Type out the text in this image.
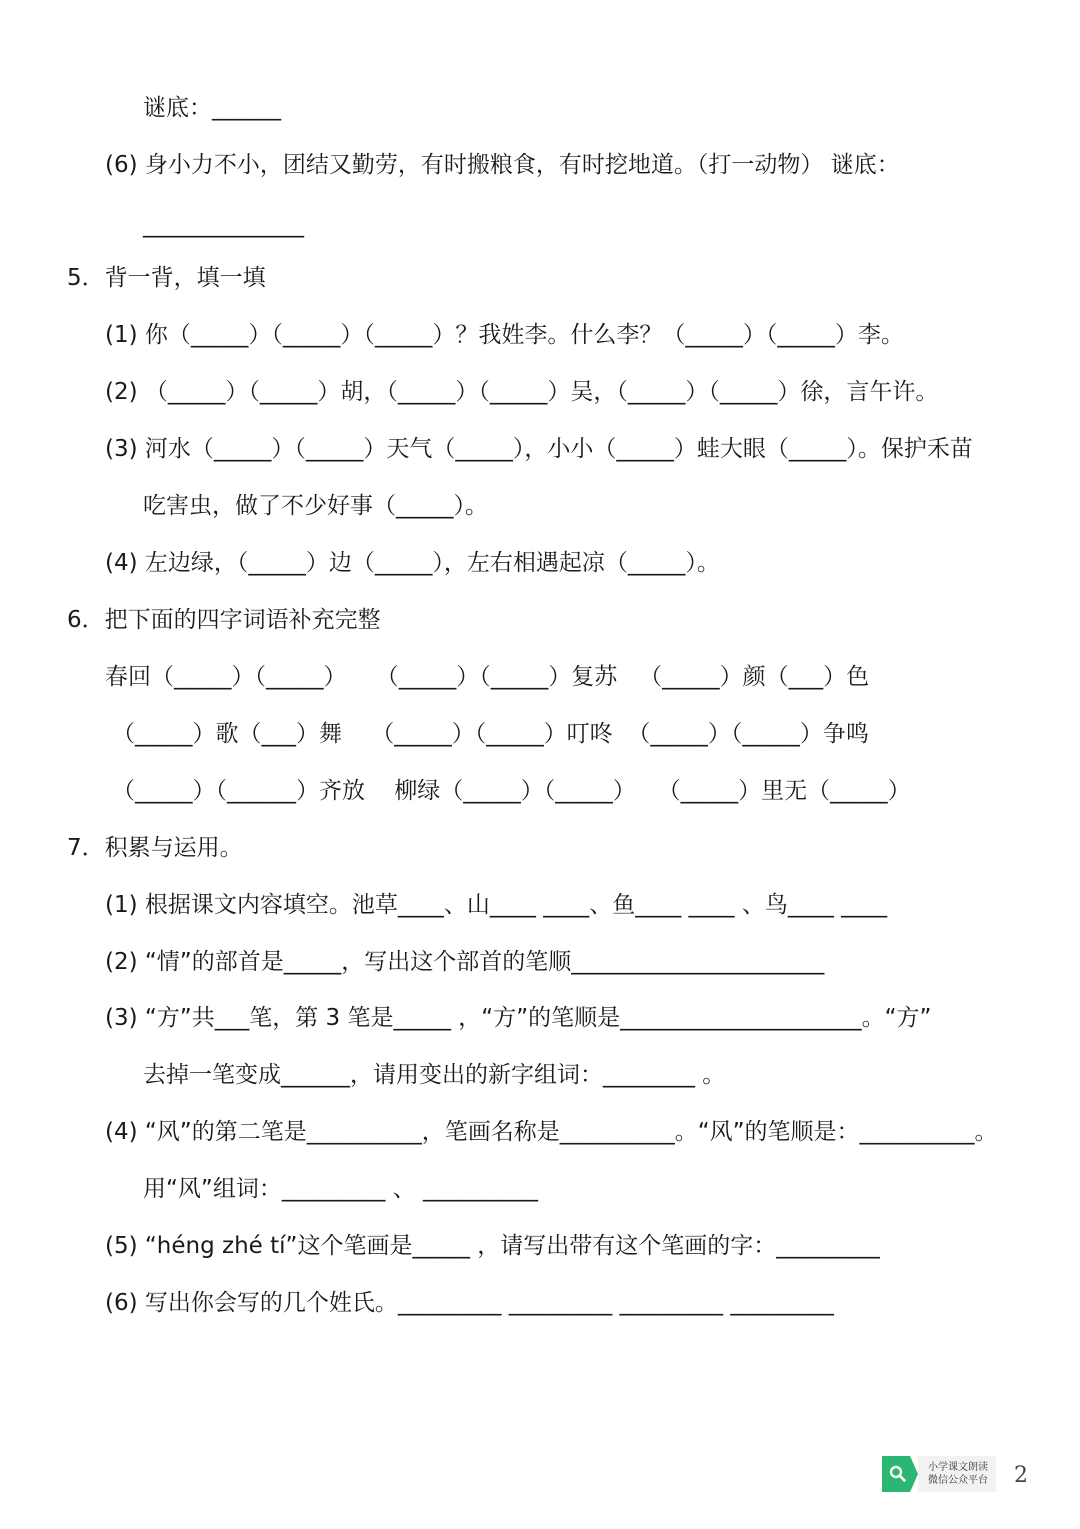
谜底：______
(6) 身小力不小，团结又勤劳，有时搬粮食，有时挖地道。（打一动物） 谜底：
______________
5．背一背，填一填
(1) 你（_____）（_____）（_____）？我姓李。什么李？（_____）（_____）李。
(2) （_____）（_____）胡，（_____）（_____）吴，（_____）（_____）徐，言午许。
(3) 河水（_____）（_____）天气（_____），小小（_____）蛙大眼（_____）。保护禾苗
吃害虫，做了不少好事（_____）。
(4) 左边绿，（_____）边（_____），左右相遇起凉（_____）。
6．把下面的四字词语补充完整
春回（_____）（_____）    （_____）（_____）复苏   （_____）颜（___）色
（_____）歌（___）舞    （_____）（_____）叮咚  （_____）（_____）争鸣
（_____）（______）齐放    柳绿（_____）（_____）   （_____）里无（_____）
7．积累与运用。
(1) 根据课文内容填空。池草____、山____ ____、鱼____ ____ 、鸟____ ____
(2) “情”的部首是_____，写出这个部首的笔顺______________________
(3) “方”共___笔，第 3 笔是_____ ，“方”的笔顺是_____________________。“方”
去掉一笔变成______，请用变出的新字组词：________ 。
(4) “风”的第二笔是__________，笔画名称是__________。“风”的笔顺是：__________。
用“风”组词：_________ 、 __________
(5) “héng zhé tí”这个笔画是_____ ，请写出带有这个笔画的字：_________
(6) 写出你会写的几个姓氏。_________ _________ _________ _________
小学课文朗读
微信公众平台 2
